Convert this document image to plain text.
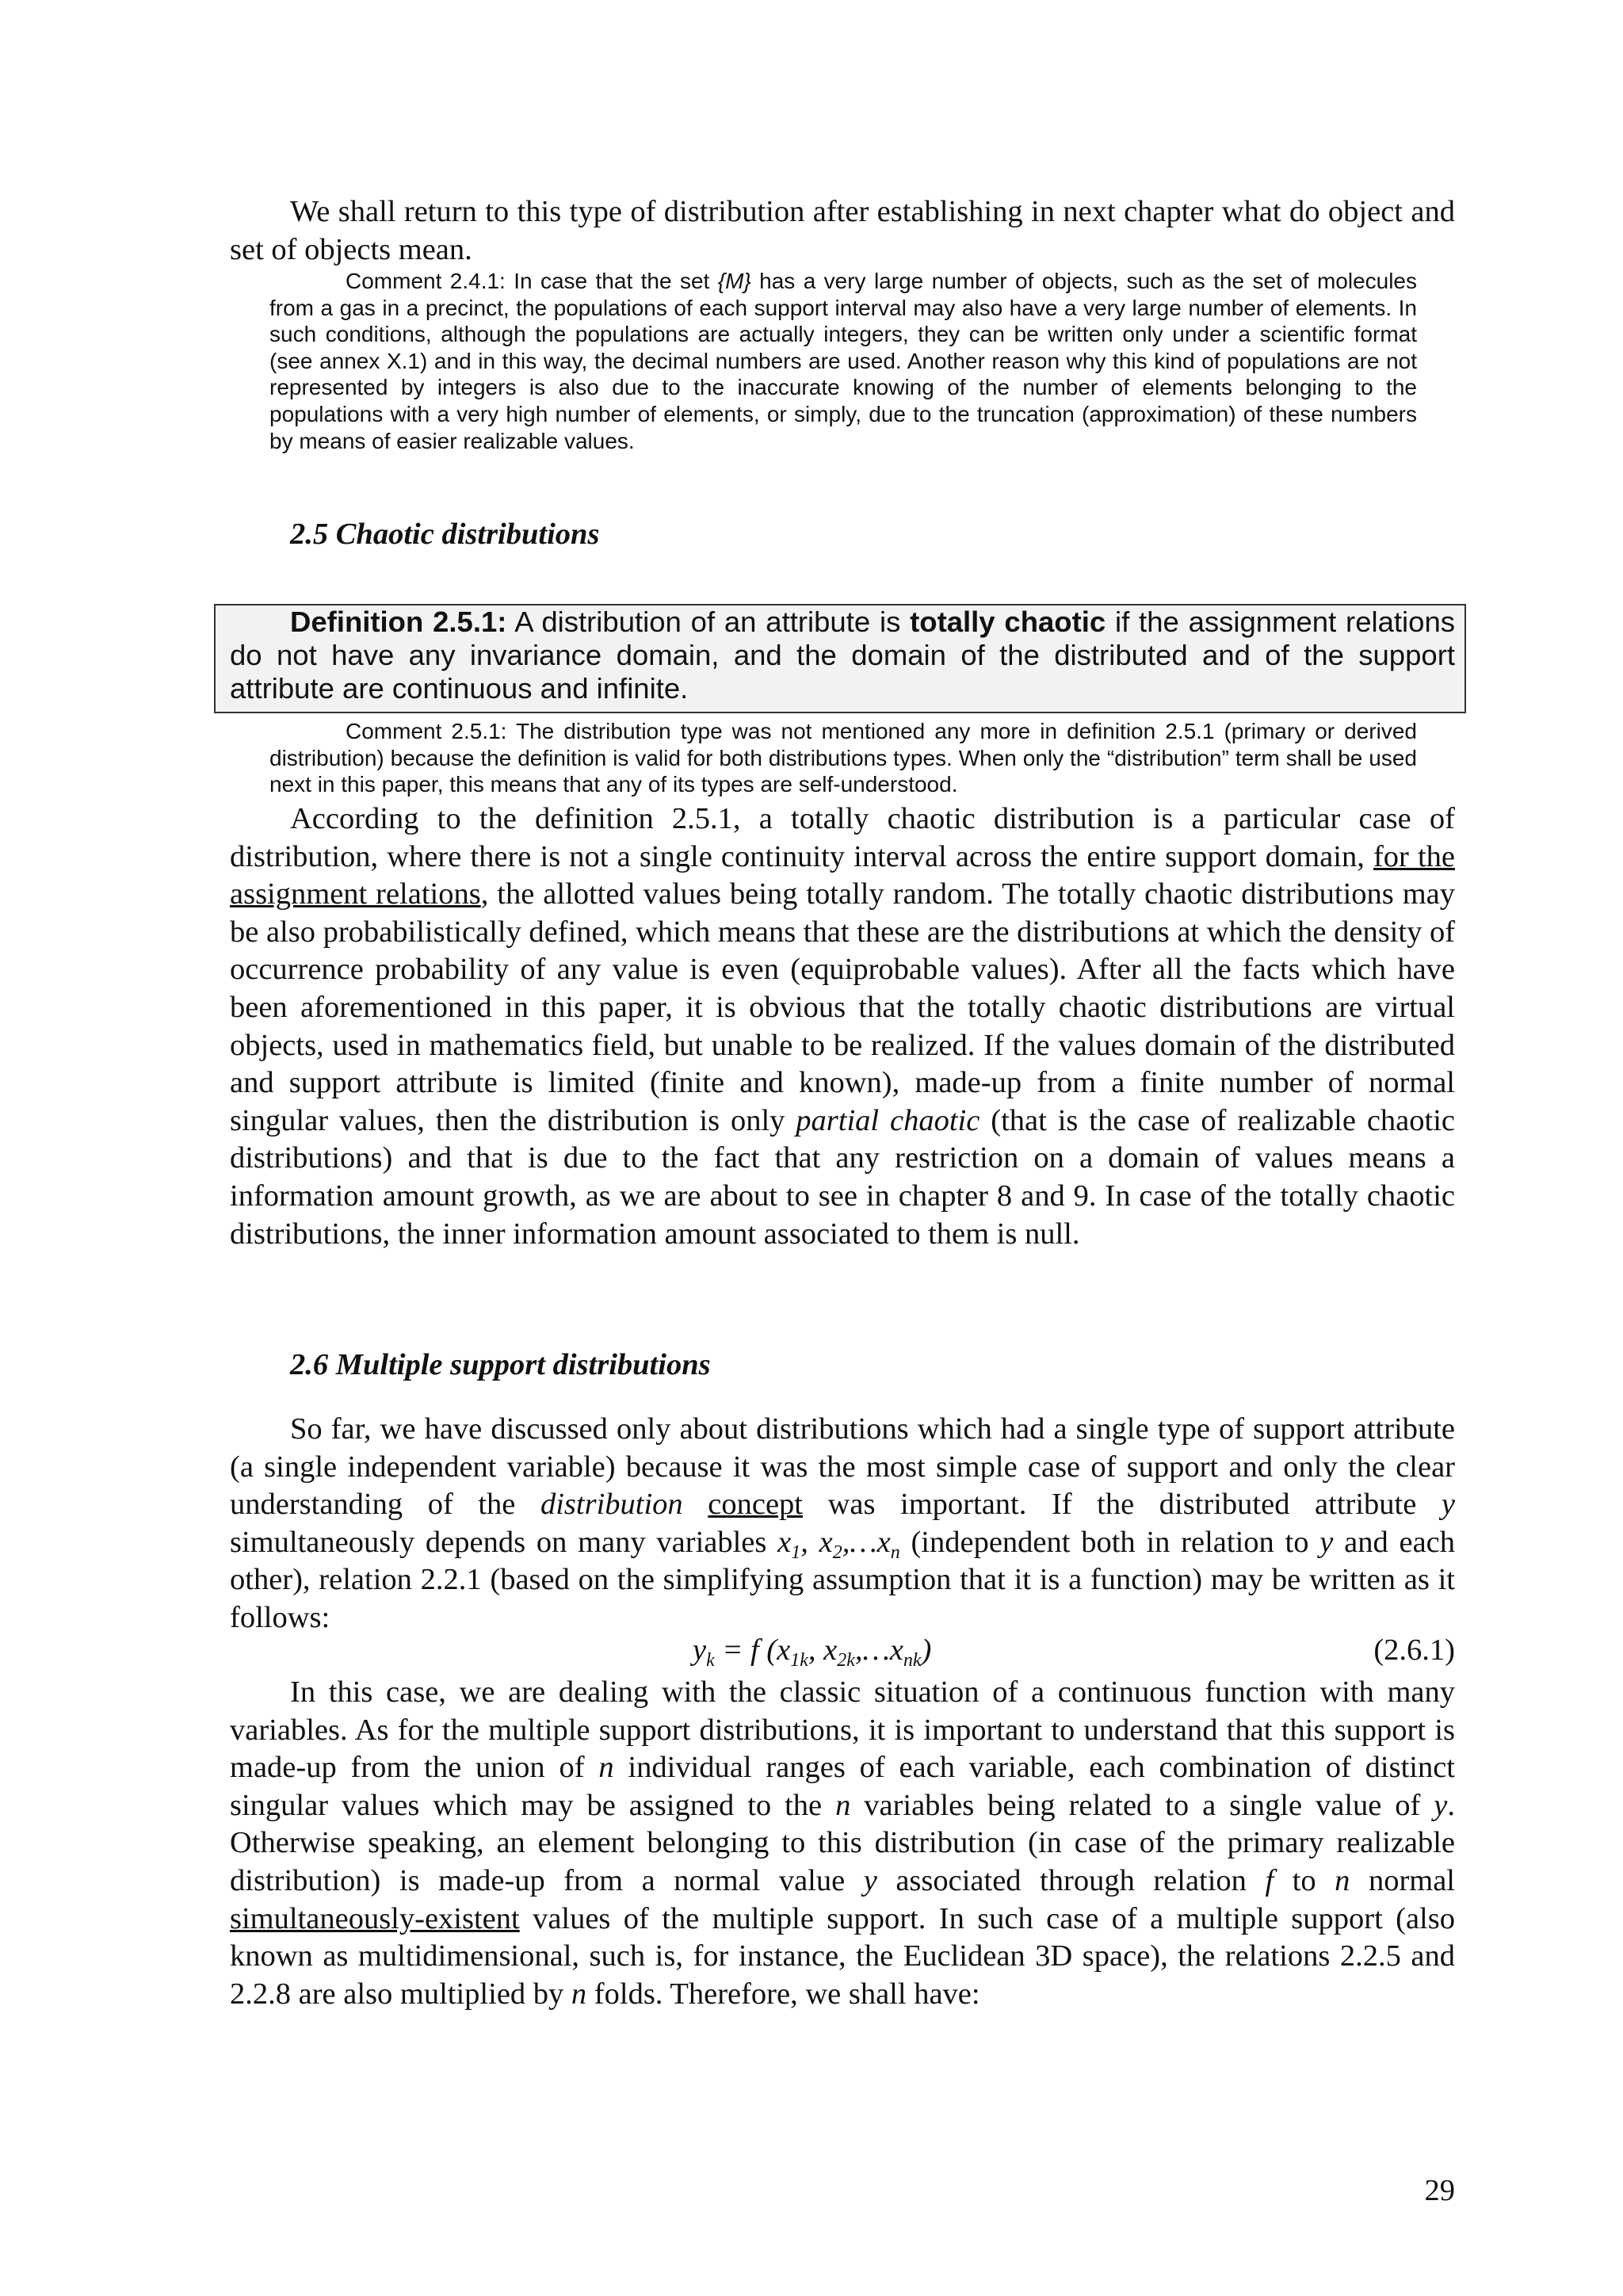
We shall return to this type of distribution after establishing in next chapter what do object and set of objects mean.

Comment 2.4.1: In case that the set {M} has a very large number of objects, such as the set of molecules from a gas in a precinct, the populations of each support interval may also have a very large number of elements. In such conditions, although the populations are actually integers, they can be written only under a scientific format (see annex X.1) and in this way, the decimal numbers are used. Another reason why this kind of populations are not represented by integers is also due to the inaccurate knowing of the number of elements belonging to the populations with a very high number of elements, or simply, due to the truncation (approximation) of these numbers by means of easier realizable values.

2.5 Chaotic distributions

Definition 2.5.1: A distribution of an attribute is totally chaotic if the assignment relations do not have any invariance domain, and the domain of the distributed and of the support attribute are continuous and infinite.

Comment 2.5.1: The distribution type was not mentioned any more in definition 2.5.1 (primary or derived distribution) because the definition is valid for both distributions types. When only the “distribution” term shall be used next in this paper, this means that any of its types are self-understood.

According to the definition 2.5.1, a totally chaotic distribution is a particular case of distribution, where there is not a single continuity interval across the entire support domain, for the assignment relations, the allotted values being totally random. The totally chaotic distributions may be also probabilistically defined, which means that these are the distributions at which the density of occurrence probability of any value is even (equiprobable values). After all the facts which have been aforementioned in this paper, it is obvious that the totally chaotic distributions are virtual objects, used in mathematics field, but unable to be realized. If the values domain of the distributed and support attribute is limited (finite and known), made-up from a finite number of normal singular values, then the distribution is only partial chaotic (that is the case of realizable chaotic distributions) and that is due to the fact that any restriction on a domain of values means a information amount growth, as we are about to see in chapter 8 and 9. In case of the totally chaotic distributions, the inner information amount associated to them is null.

2.6 Multiple support distributions

So far, we have discussed only about distributions which had a single type of support attribute (a single independent variable) because it was the most simple case of support and only the clear understanding of the distribution concept was important. If the distributed attribute y simultaneously depends on many variables $x_1$, $x_2,\dots x_n$ (independent both in relation to y and each other), relation 2.2.1 (based on the simplifying assumption that it is a function) may be written as it follows:

$y_k = f$ ($x_{1k}$, $x_{2k},\dots x_{nk}$)	(2.6.1)

In this case, we are dealing with the classic situation of a continuous function with many variables. As for the multiple support distributions, it is important to understand that this support is made-up from the union of n individual ranges of each variable, each combination of distinct singular values which may be assigned to the n variables being related to a single value of y. Otherwise speaking, an element belonging to this distribution (in case of the primary realizable distribution) is made-up from a normal value y associated through relation f to n normal simultaneously-existent values of the multiple support. In such case of a multiple support (also known as multidimensional, such is, for instance, the Euclidean 3D space), the relations 2.2.5 and 2.2.8 are also multiplied by n folds. Therefore, we shall have:

29
